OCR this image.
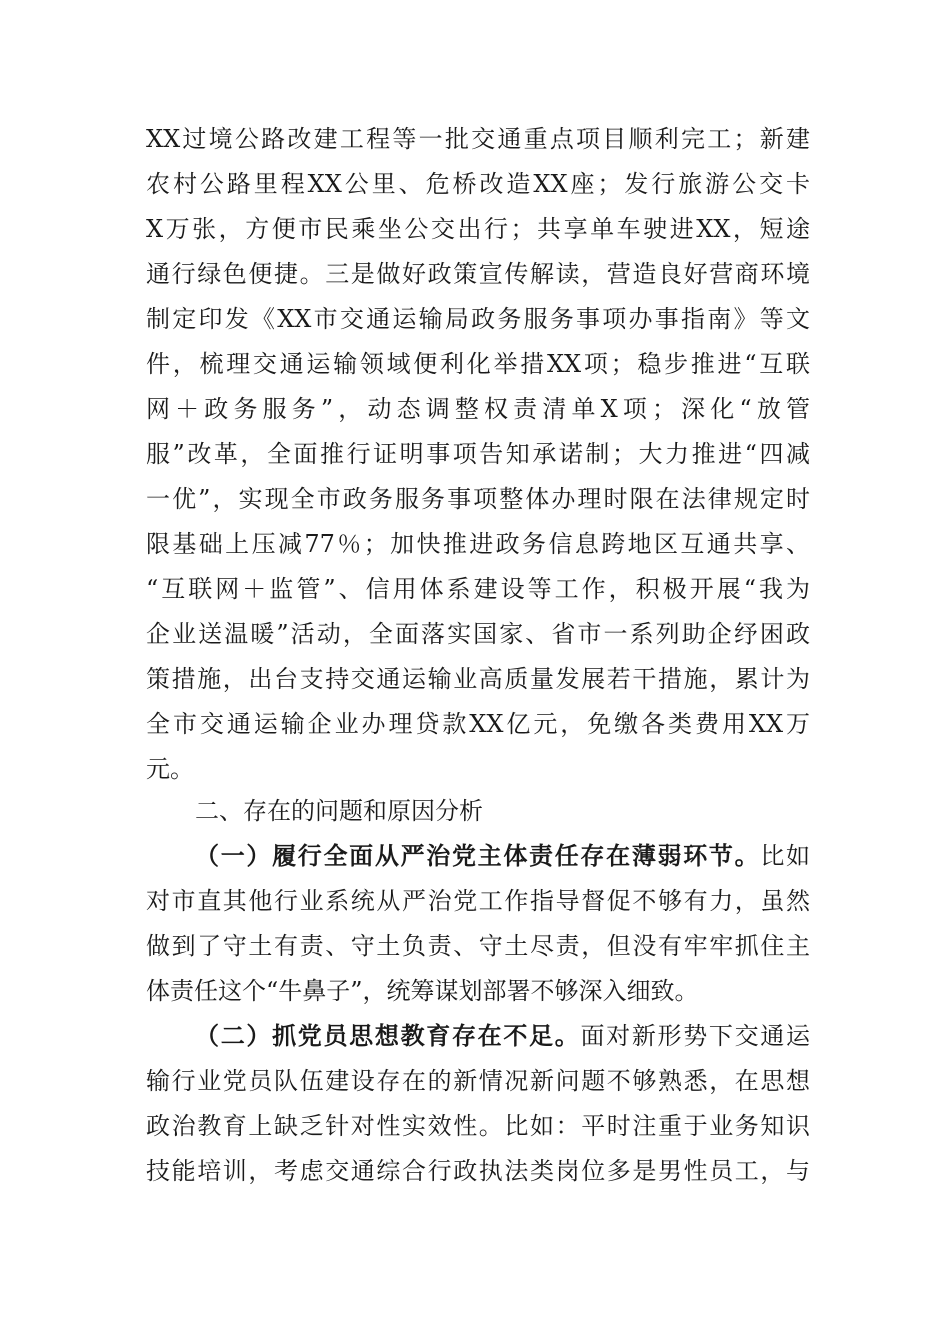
XX过境公路改建工程等一批交通重点项目顺利完工；新建
农村公路里程XX公里、危桥改造XX座；发行旅游公交卡
X万张，方便市民乘坐公交出行；共享单车驶进XX，短途
通行绿色便捷。三是做好政策宣传解读，营造良好营商环境
制定印发《XX市交通运输局政务服务事项办事指南》等文
件，梳理交通运输领域便利化举措XX项；稳步推进“互联
网＋政务服务”，动态调整权责清单X项；深化“放管
服”改革，全面推行证明事项告知承诺制；大力推进“四减
一优”，实现全市政务服务事项整体办理时限在法律规定时
限基础上压减77％；加快推进政务信息跨地区互通共享、
“互联网＋监管”、信用体系建设等工作，积极开展“我为
企业送温暖”活动，全面落实国家、省市一系列助企纾困政
策措施，出台支持交通运输业高质量发展若干措施，累计为
全市交通运输企业办理贷款XX亿元，免缴各类费用XX万
元。
二、存在的问题和原因分析
（一）履行全面从严治党主体责任存在薄弱环节。比如
对市直其他行业系统从严治党工作指导督促不够有力，虽然
做到了守土有责、守土负责、守土尽责，但没有牢牢抓住主
体责任这个“牛鼻子”，统筹谋划部署不够深入细致。
（二）抓党员思想教育存在不足。面对新形势下交通运
输行业党员队伍建设存在的新情况新问题不够熟悉，在思想
政治教育上缺乏针对性实效性。比如：平时注重于业务知识
技能培训，考虑交通综合行政执法类岗位多是男性员工，与
